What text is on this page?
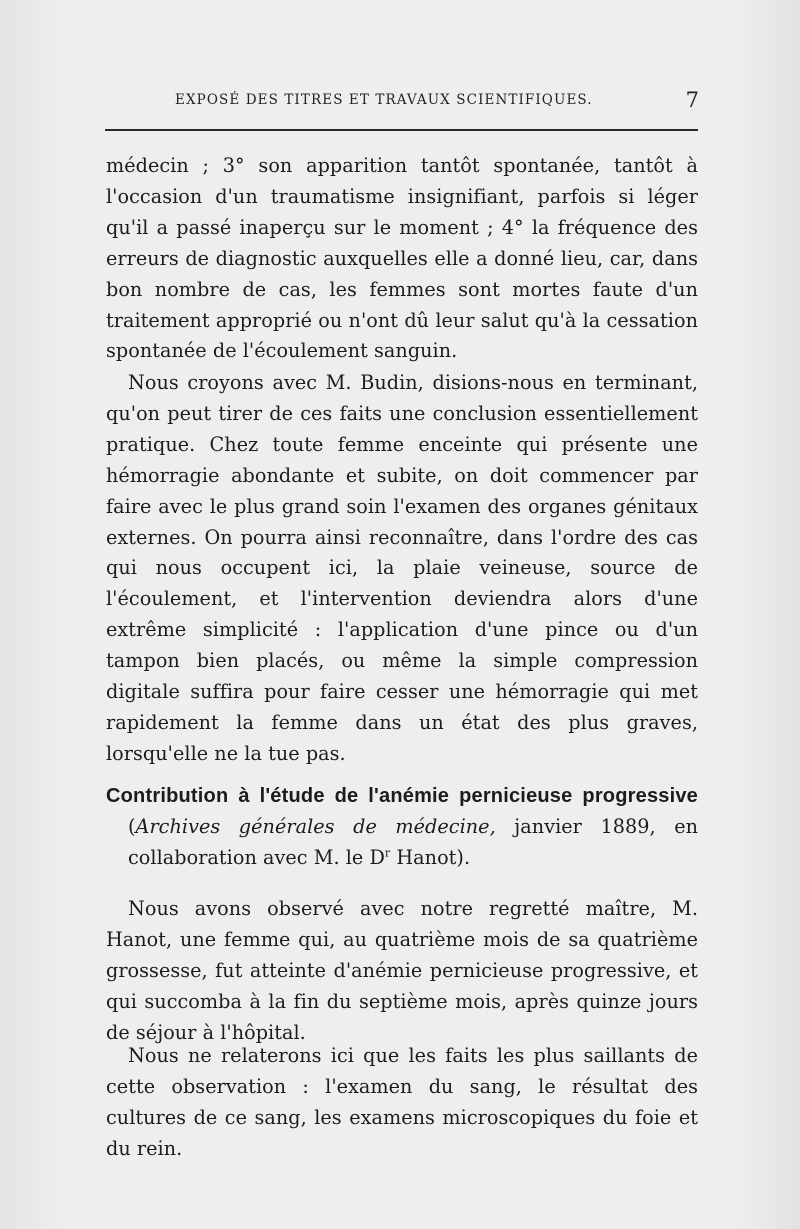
EXPOSÉ DES TITRES ET TRAVAUX SCIENTIFIQUES.	7

médecin ; 3° son apparition tantôt spontanée, tantôt à l'occasion d'un traumatisme insignifiant, parfois si léger qu'il a passé inaperçu sur le moment ; 4° la fréquence des erreurs de diagnostic auxquelles elle a donné lieu, car, dans bon nombre de cas, les femmes sont mortes faute d'un traitement approprié ou n'ont dû leur salut qu'à la cessation spontanée de l'écoulement sanguin.

Nous croyons avec M. Budin, disions-nous en terminant, qu'on peut tirer de ces faits une conclusion essentiellement pratique. Chez toute femme enceinte qui présente une hémorragie abondante et subite, on doit commencer par faire avec le plus grand soin l'examen des organes génitaux externes. On pourra ainsi reconnaître, dans l'ordre des cas qui nous occupent ici, la plaie veineuse, source de l'écoulement, et l'intervention deviendra alors d'une extrême simplicité : l'application d'une pince ou d'un tampon bien placés, ou même la simple compression digitale suffira pour faire cesser une hémorragie qui met rapidement la femme dans un état des plus graves, lorsqu'elle ne la tue pas.

Contribution à l'étude de l'anémie pernicieuse progressive
(Archives générales de médecine, janvier 1889, en collaboration avec M. le $D^r$ Hanot).

Nous avons observé avec notre regretté maître, M. Hanot, une femme qui, au quatrième mois de sa quatrième grossesse, fut atteinte d'anémie pernicieuse progressive, et qui succomba à la fin du septième mois, après quinze jours de séjour à l'hôpital.

Nous ne relaterons ici que les faits les plus saillants de cette observation : l'examen du sang, le résultat des cultures de ce sang, les examens microscopiques du foie et du rein.
